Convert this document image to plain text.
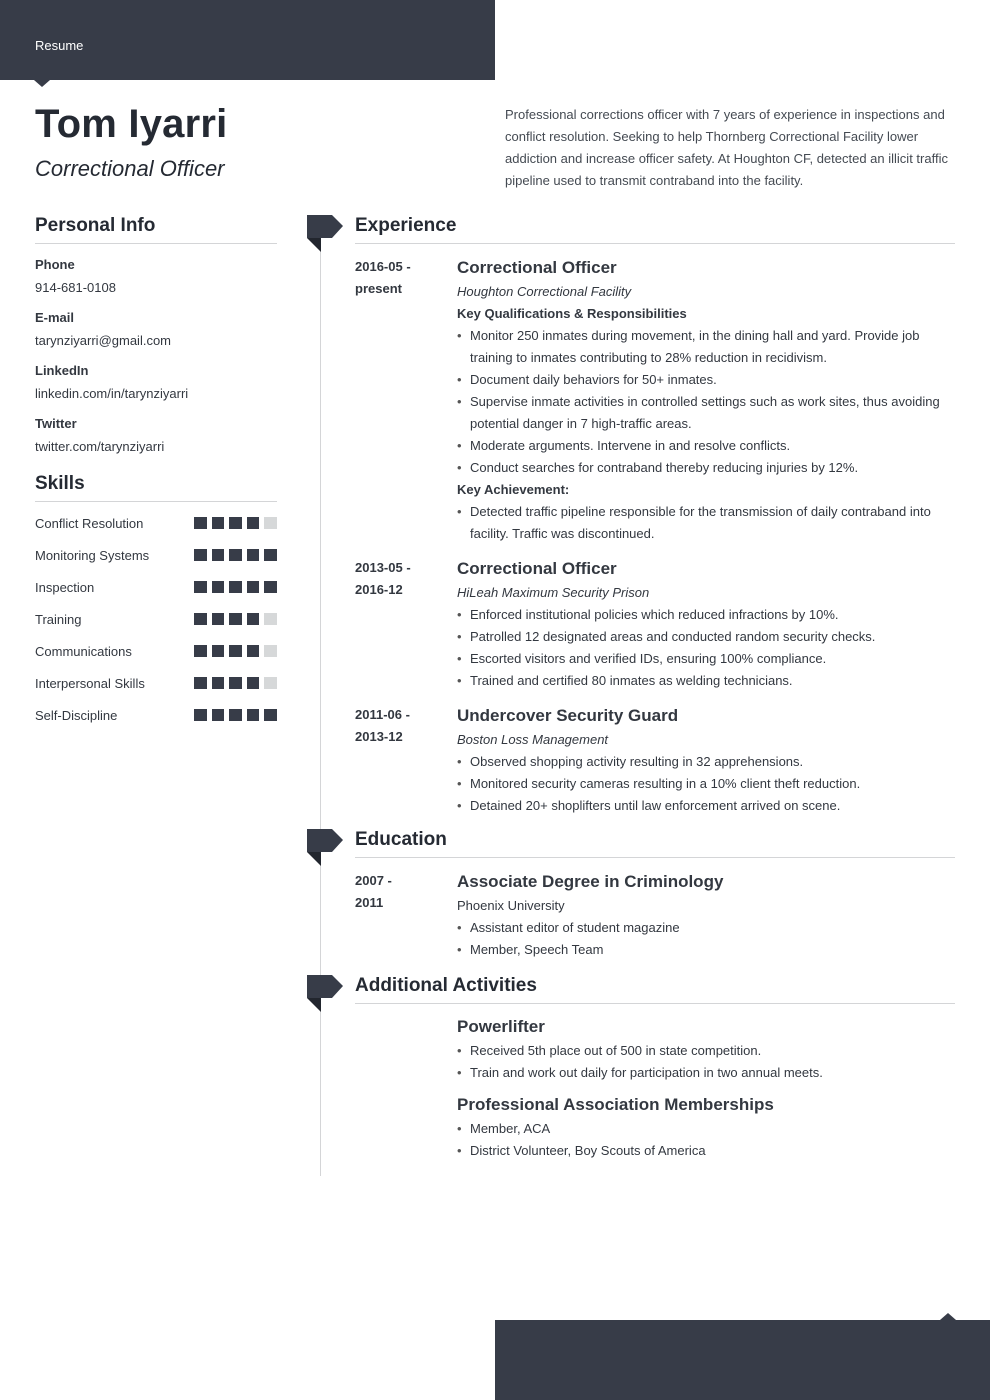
Resume
Tom Iyarri
Correctional Officer

Professional corrections officer with 7 years of experience in inspections and conflict resolution. Seeking to help Thornberg Correctional Facility lower addiction and increase officer safety. At Houghton CF, detected an illicit traffic pipeline used to transmit contraband into the facility.

Personal Info
Phone
914-681-0108
E-mail
tarynziyarri@gmail.com
LinkedIn
linkedin.com/in/tarynziyarri
Twitter
twitter.com/tarynziyarri
Skills
Conflict Resolution
Monitoring Systems
Inspection
Training
Communications
Interpersonal Skills
Self-Discipline
Experience
2016-05 -
present
Correctional Officer
Houghton Correctional Facility
Key Qualifications & Responsibilities
• Monitor 250 inmates during movement, in the dining hall and yard. Provide job training to inmates contributing to 28% reduction in recidivism.
• Document daily behaviors for 50+ inmates.
• Supervise inmate activities in controlled settings such as work sites, thus avoiding potential danger in 7 high-traffic areas.
• Moderate arguments. Intervene in and resolve conflicts.
• Conduct searches for contraband thereby reducing injuries by 12%.
Key Achievement:
• Detected traffic pipeline responsible for the transmission of daily contraband into facility. Traffic was discontinued.
2013-05 -
2016-12
Correctional Officer
HiLeah Maximum Security Prison
• Enforced institutional policies which reduced infractions by 10%.
• Patrolled 12 designated areas and conducted random security checks.
• Escorted visitors and verified IDs, ensuring 100% compliance.
• Trained and certified 80 inmates as welding technicians.
2011-06 -
2013-12
Undercover Security Guard
Boston Loss Management
• Observed shopping activity resulting in 32 apprehensions.
• Monitored security cameras resulting in a 10% client theft reduction.
• Detained 20+ shoplifters until law enforcement arrived on scene.
Education
2007 -
2011
Associate Degree in Criminology
Phoenix University
• Assistant editor of student magazine
• Member, Speech Team
Additional Activities
Powerlifter
• Received 5th place out of 500 in state competition.
• Train and work out daily for participation in two annual meets.
Professional Association Memberships
• Member, ACA
• District Volunteer, Boy Scouts of America
